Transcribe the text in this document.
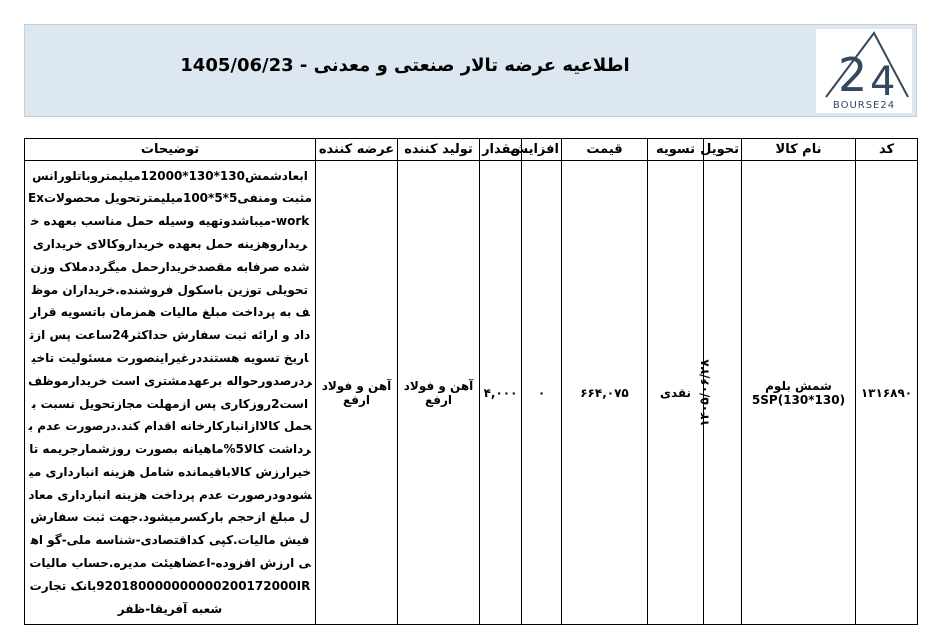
اطلاعیه عرضه تالار صنعتی و معدنی - 1405/06/23	2 4
BOURSE24
کد	نام کالا	تحویل	تسویه	قیمت	افزایش	مقدار	تولید کننده	عرضه کننده	توضیحات
۱۳۱۶۸۹۰	شمش بلوم (130*130)5SP	۱۴۰۵/۰۶/۲۸	نقدی	۶۶۴,۰۷۵	۰	۴,۰۰۰	آهن و فولاد ارفع	آهن و فولاد ارفع	ابعادشمش130*130*12000میلیمتروباتلورانس مثبت ومنفی5*5*100میلیمترتحویل محصولاتEx work-میباشدوتهیه وسیله حمل مناسب بعهده خریداروهزینه حمل بعهده خریداروکالای خریداری شده صرفابه مقصدخریدارحمل میگرددملاک وزن تحویلی توزین باسکول فروشنده.خریداران موظف به پرداخت مبلغ مالیات همزمان باتسویه قرارداد و ارائه ثبت سفارش حداکثر24ساعت پس ازتاریخ تسویه هستنددرغیراینصورت مسئولیت تاخیردرصدورحواله برعهدمشتری است خریدارموظف است2روزکاری پس ازمهلت مجازتحویل نسبت بحمل کالاازانبارکارخانه اقدام کند.درصورت عدم برداشت کالا5%ماهیانه بصورت روزشمارجریمه تاخیرارزش کالاباقیمانده شامل هزینه انبارداری میشودودرصورت عدم پرداخت هزینه انبارداری معادل مبلغ ازحجم بارکسرمیشود.جهت ثبت سفارش فیش مالیات.کپی کداقتصادی-شناسه ملی-گو اهی ارزش افزوده-اعضاهیئت مدیره.حساب مالیات920180000000000200172000IRبانک تجارت شعبه آفریقا-ظفر
